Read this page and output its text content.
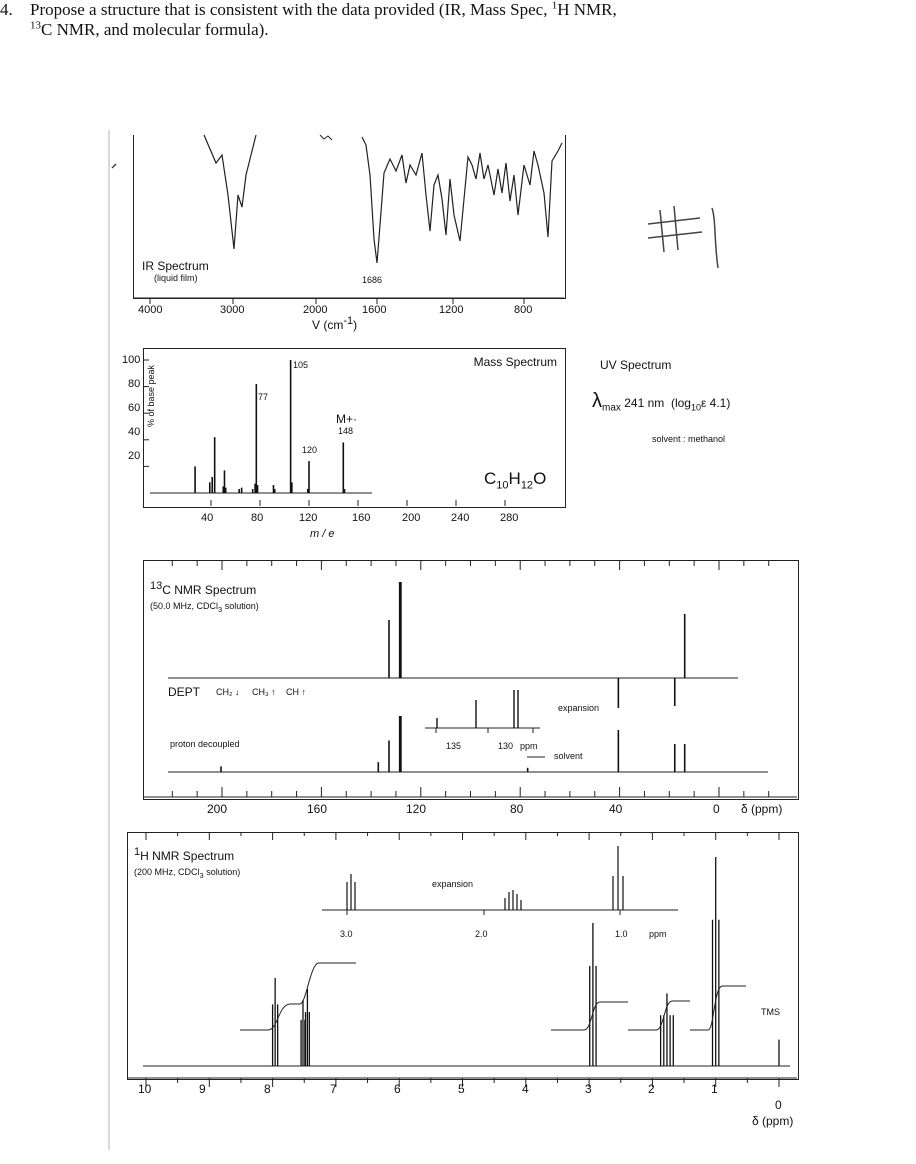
4. Propose a structure that is consistent with the data provided (IR, Mass Spec, $^1$H NMR,
$^{13}$C NMR, and molecular formula).
IR Spectrum
(liquid film)	1686
4000	3000	2000	1600	1200	800
V $(cm^{-1})$
Mass Spectrum
% of base peak
$C_{10}H_{12}O$
100
80
60
40
20
40	80	120	160	200	240	280
m / e
77
105
120
M+·
148
UV Spectrum
$\lambda_{max}$ 241 nm ($\log_{10}\varepsilon$ 4.1)
solvent : methanol
$^{13}$C NMR Spectrum
(50.0 MHz, CDCl$_3$ solution)
DEPT CH₂ ↓ CH₃ ↑ CH ↑
proton decoupled
expansion
135	130 ppm
solvent
200	160	120	80	40	0 δ (ppm)
$^1$H NMR Spectrum
(200 MHz, CDCl$_3$ solution)
expansion
3.0	2.0	1.0 ppm
TMS
10	9	8	7	6	5	4	3	2	1
0
δ (ppm)
